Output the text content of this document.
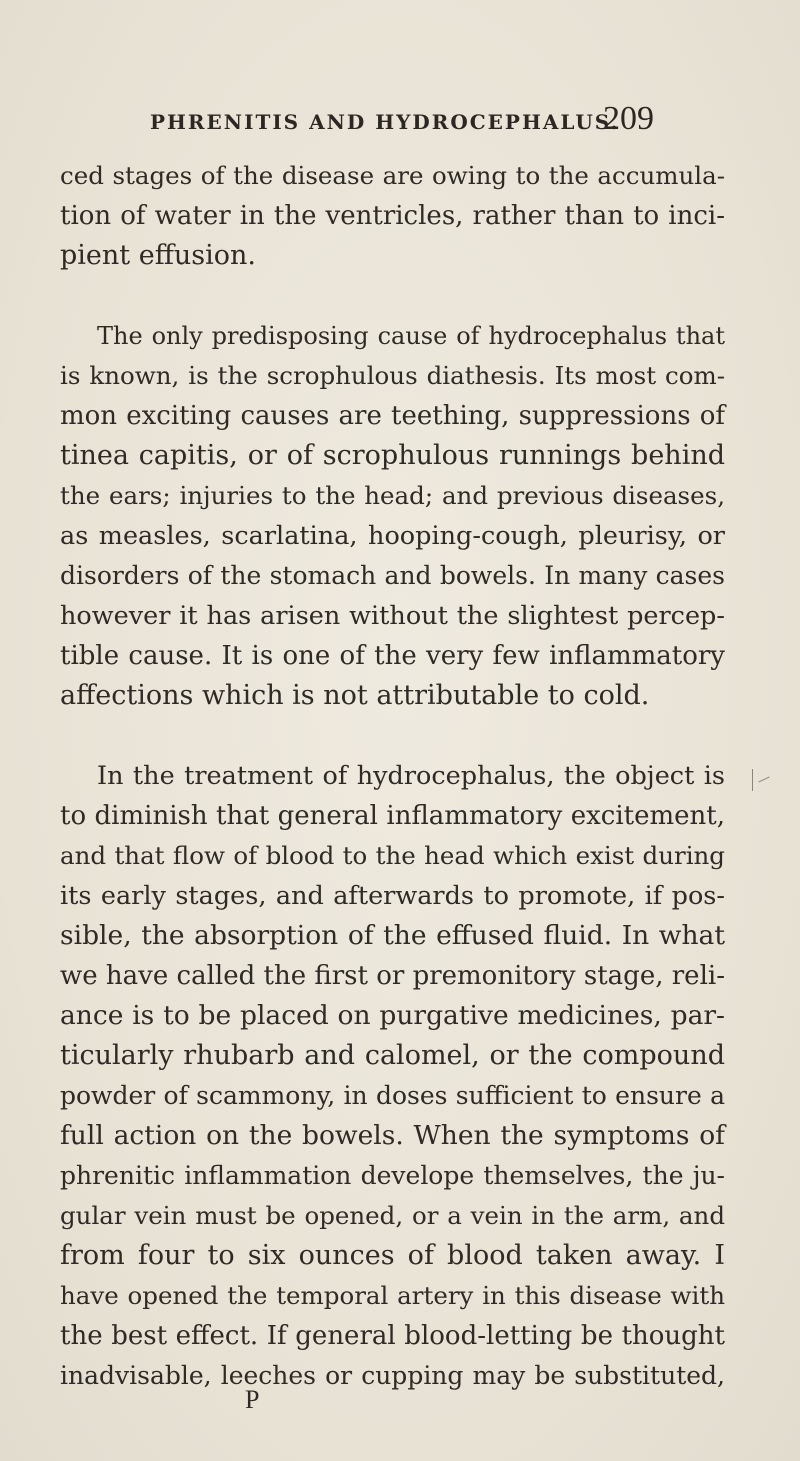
PHRENITIS AND HYDROCEPHALUS.
209
ced stages of the disease are owing to the accumula-
tion of water in the ventricles, rather than to inci-
pient effusion.
The only predisposing cause of hydrocephalus that
is known, is the scrophulous diathesis. Its most com-
mon exciting causes are teething, suppressions of
tinea capitis, or of scrophulous runnings behind
the ears; injuries to the head; and previous diseases,
as measles, scarlatina, hooping-cough, pleurisy, or
disorders of the stomach and bowels. In many cases
however it has arisen without the slightest percep-
tible cause. It is one of the very few inflammatory
affections which is not attributable to cold.
In the treatment of hydrocephalus, the object is
to diminish that general inflammatory excitement,
and that flow of blood to the head which exist during
its early stages, and afterwards to promote, if pos-
sible, the absorption of the effused fluid. In what
we have called the first or premonitory stage, reli-
ance is to be placed on purgative medicines, par-
ticularly rhubarb and calomel, or the compound
powder of scammony, in doses sufficient to ensure a
full action on the bowels. When the symptoms of
phrenitic inflammation develope themselves, the ju-
gular vein must be opened, or a vein in the arm, and
from four to six ounces of blood taken away. I
have opened the temporal artery in this disease with
the best effect. If general blood-letting be thought
inadvisable, leeches or cupping may be substituted,
P
